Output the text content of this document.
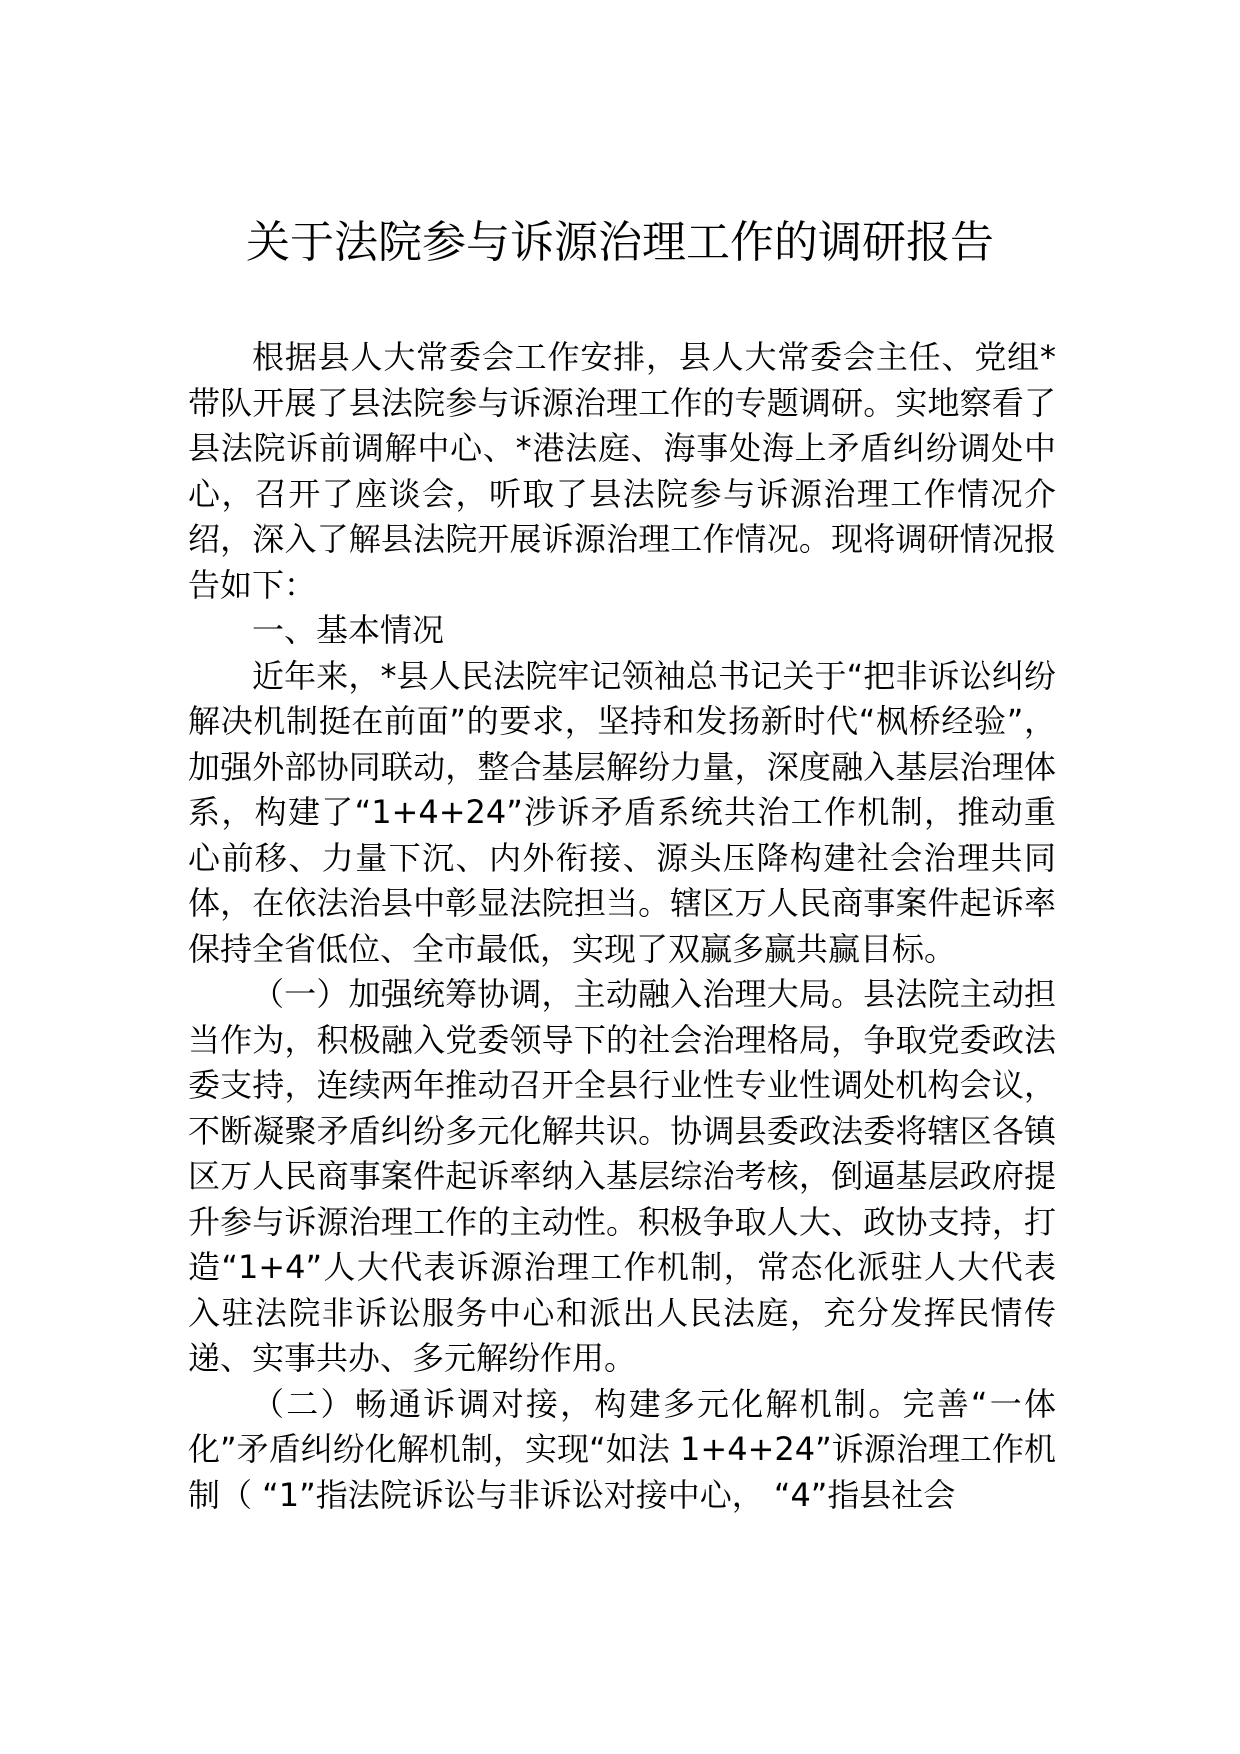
关于法院参与诉源治理工作的调研报告

根据县人大常委会工作安排，县人大常委会主任、党组*带队开展了县法院参与诉源治理工作的专题调研。实地察看了县法院诉前调解中心、*港法庭、海事处海上矛盾纠纷调处中心，召开了座谈会，听取了县法院参与诉源治理工作情况介绍，深入了解县法院开展诉源治理工作情况。现将调研情况报告如下：

一、基本情况

近年来，*县人民法院牢记领袖总书记关于“把非诉讼纠纷解决机制挺在前面”的要求，坚持和发扬新时代“枫桥经验”，加强外部协同联动，整合基层解纷力量，深度融入基层治理体系，构建了“1+4+24”涉诉矛盾系统共治工作机制，推动重心前移、力量下沉、内外衔接、源头压降构建社会治理共同体，在依法治县中彰显法院担当。辖区万人民商事案件起诉率保持全省低位、全市最低，实现了双赢多赢共赢目标。

（一）加强统筹协调，主动融入治理大局。县法院主动担当作为，积极融入党委领导下的社会治理格局，争取党委政法委支持，连续两年推动召开全县行业性专业性调处机构会议，不断凝聚矛盾纠纷多元化解共识。协调县委政法委将辖区各镇区万人民商事案件起诉率纳入基层综治考核，倒逼基层政府提升参与诉源治理工作的主动性。积极争取人大、政协支持，打造“1+4”人大代表诉源治理工作机制，常态化派驻人大代表入驻法院非诉讼服务中心和派出人民法庭，充分发挥民情传递、实事共办、多元解纷作用。

（二）畅通诉调对接，构建多元化解机制。完善“一体化”矛盾纠纷化解机制，实现“如法 1+4+24”诉源治理工作机制（ “1”指法院诉讼与非诉讼对接中心， “4”指县社会
